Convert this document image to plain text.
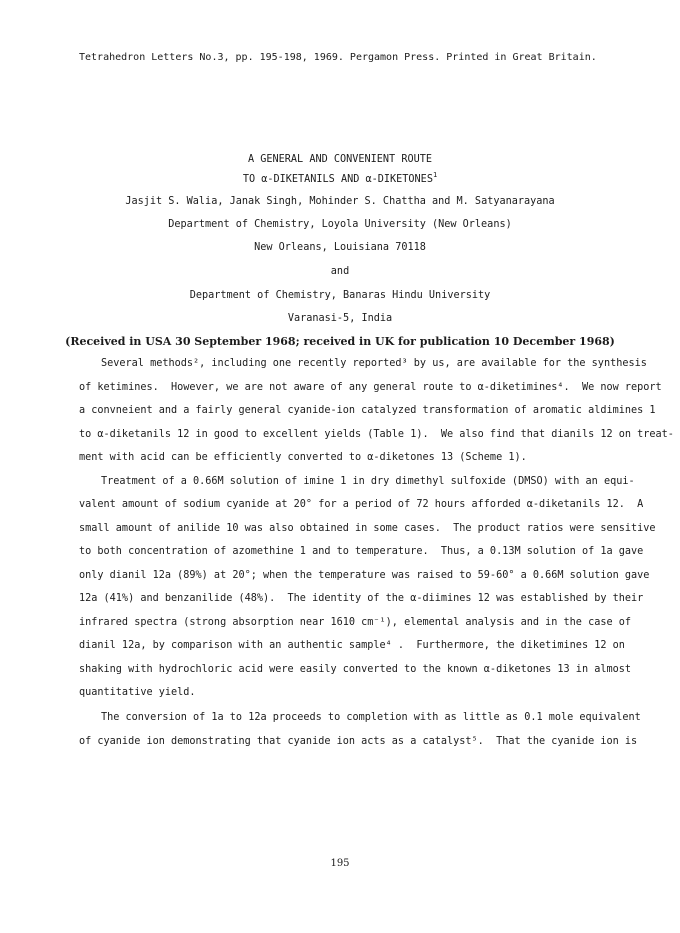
Tetrahedron Letters No.3, pp. 195-198, 1969. Pergamon Press. Printed in Great Britain.
A GENERAL AND CONVENIENT ROUTE
TO α-DIKETANILS AND α-DIKETONES$^1$
Jasjit S. Walia, Janak Singh, Mohinder S. Chattha and M. Satyanarayana
Department of Chemistry, Loyola University (New Orleans)
New Orleans, Louisiana 70118
and
Department of Chemistry, Banaras Hindu University
Varanasi-5, India
(Received in USA 30 September 1968; received in UK for publication 10 December 1968)
Several methods², including one recently reported³ by us, are available for the synthesis
of ketimines.  However, we are not aware of any general route to α-diketimines⁴.  We now report
a convneient and a fairly general cyanide-ion catalyzed transformation of aromatic aldimines 1
to α-diketanils 12 in good to excellent yields (Table 1).  We also find that dianils 12 on treat-
ment with acid can be efficiently converted to α-diketones 13 (Scheme 1).
Treatment of a 0.66M solution of imine 1 in dry dimethyl sulfoxide (DMSO) with an equi-
valent amount of sodium cyanide at 20° for a period of 72 hours afforded α-diketanils 12.  A
small amount of anilide 10 was also obtained in some cases.  The product ratios were sensitive
to both concentration of azomethine 1 and to temperature.  Thus, a 0.13M solution of 1a gave
only dianil 12a (89%) at 20°; when the temperature was raised to 59-60° a 0.66M solution gave
12a (41%) and benzanilide (48%).  The identity of the α-diimines 12 was established by their
infrared spectra (strong absorption near 1610 cm⁻¹), elemental analysis and in the case of
dianil 12a, by comparison with an authentic sample⁴ .  Furthermore, the diketimines 12 on
shaking with hydrochloric acid were easily converted to the known α-diketones 13 in almost
quantitative yield.
The conversion of 1a to 12a proceeds to completion with as little as 0.1 mole equivalent
of cyanide ion demonstrating that cyanide ion acts as a catalyst⁵.  That the cyanide ion is
195
